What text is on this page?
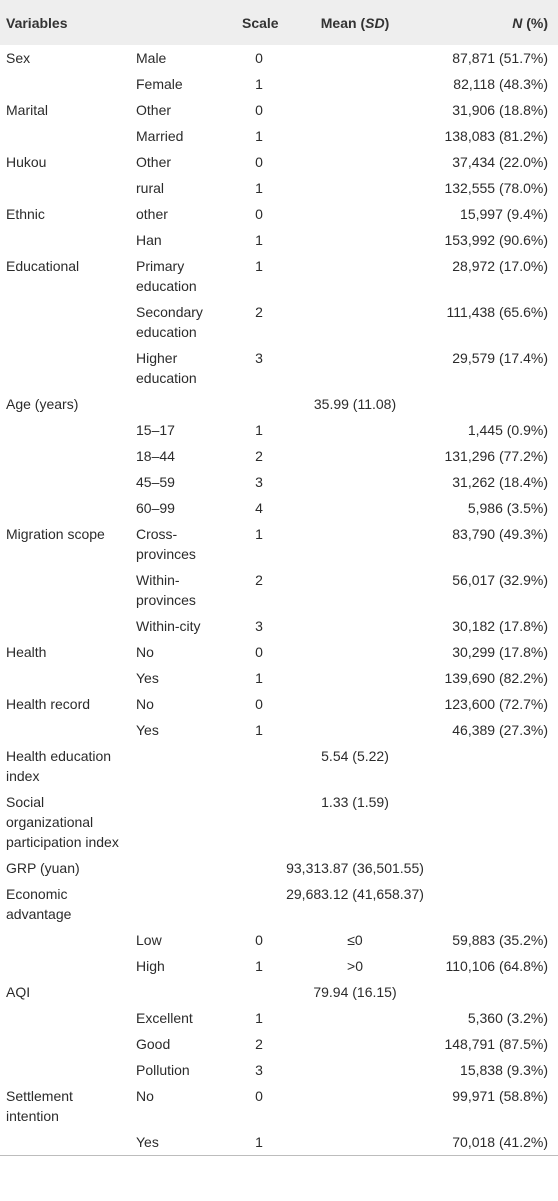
Variables		Scale	Mean (SD)	N (%)
Sex	Male	0		87,871 (51.7%)
	Female	1		82,118 (48.3%)
Marital	Other	0		31,906 (18.8%)
	Married	1		138,083 (81.2%)
Hukou	Other	0		37,434 (22.0%)
	rural	1		132,555 (78.0%)
Ethnic	other	0		15,997 (9.4%)
	Han	1		153,992 (90.6%)
Educational	Primary education	1		28,972 (17.0%)
	Secondary education	2		111,438 (65.6%)
	Higher education	3		29,579 (17.4%)
Age (years)			35.99 (11.08)	
	15–17	1		1,445 (0.9%)
	18–44	2		131,296 (77.2%)
	45–59	3		31,262 (18.4%)
	60–99	4		5,986 (3.5%)
Migration scope	Cross-provinces	1		83,790 (49.3%)
	Within-provinces	2		56,017 (32.9%)
	Within-city	3		30,182 (17.8%)
Health	No	0		30,299 (17.8%)
	Yes	1		139,690 (82.2%)
Health record	No	0		123,600 (72.7%)
	Yes	1		46,389 (27.3%)
Health education index			5.54 (5.22)	
Social organizational participation index			1.33 (1.59)	
GRP (yuan)			93,313.87 (36,501.55)	
Economic advantage			29,683.12 (41,658.37)	
	Low	0	≤0	59,883 (35.2%)
	High	1	>0	110,106 (64.8%)
AQI			79.94 (16.15)	
	Excellent	1		5,360 (3.2%)
	Good	2		148,791 (87.5%)
	Pollution	3		15,838 (9.3%)
Settlement intention	No	0		99,971 (58.8%)
	Yes	1		70,018 (41.2%)
